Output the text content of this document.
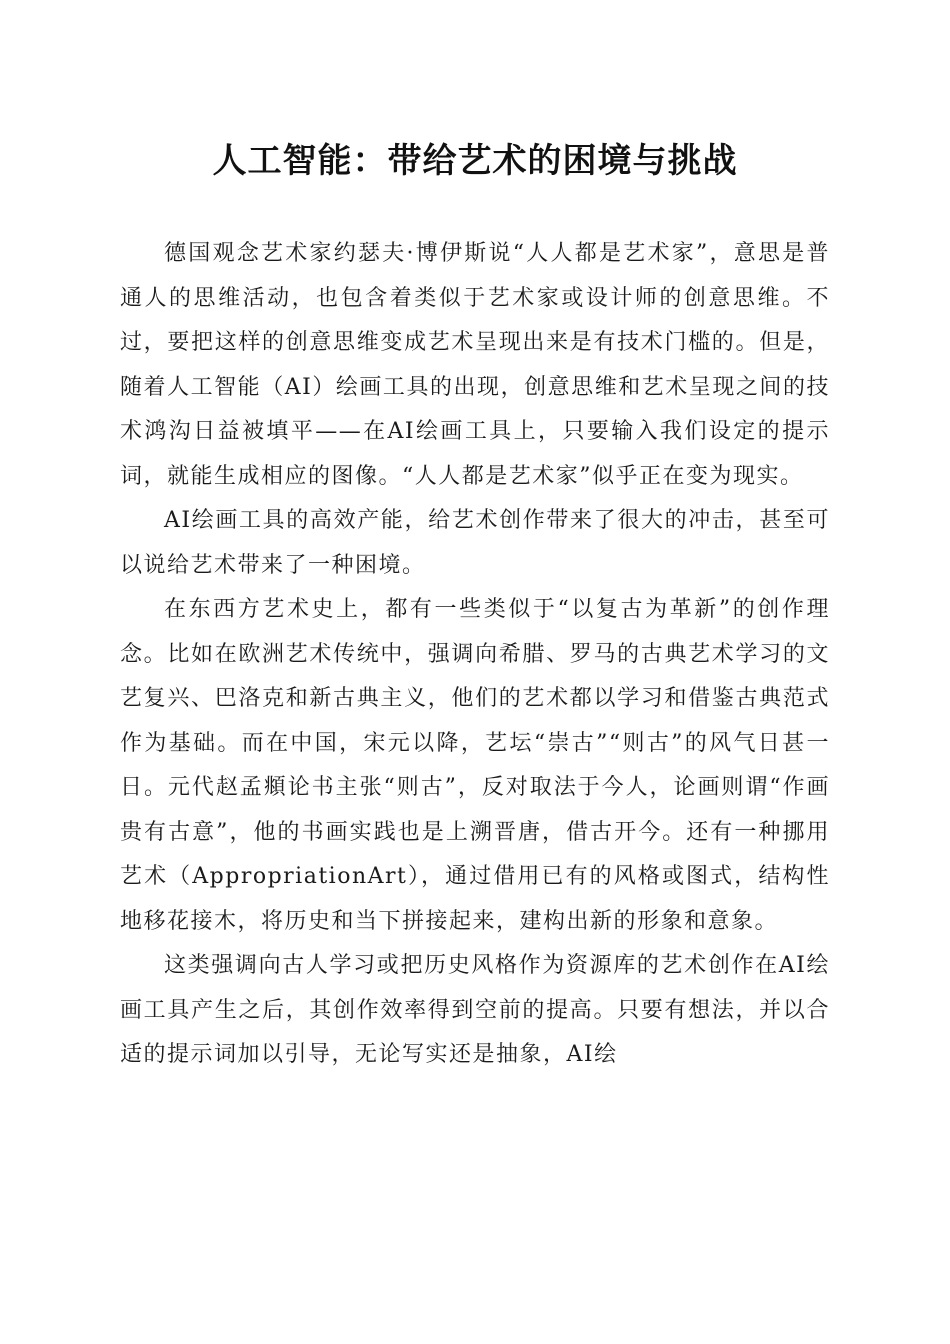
人工智能：带给艺术的困境与挑战

德国观念艺术家约瑟夫·博伊斯说“人人都是艺术家”，意思是普通人的思维活动，也包含着类似于艺术家或设计师的创意思维。不过，要把这样的创意思维变成艺术呈现出来是有技术门槛的。但是，随着人工智能（AI）绘画工具的出现，创意思维和艺术呈现之间的技术鸿沟日益被填平——在AI绘画工具上，只要输入我们设定的提示词，就能生成相应的图像。“人人都是艺术家”似乎正在变为现实。

AI绘画工具的高效产能，给艺术创作带来了很大的冲击，甚至可以说给艺术带来了一种困境。

在东西方艺术史上，都有一些类似于“以复古为革新”的创作理念。比如在欧洲艺术传统中，强调向希腊、罗马的古典艺术学习的文艺复兴、巴洛克和新古典主义，他们的艺术都以学习和借鉴古典范式作为基础。而在中国，宋元以降，艺坛“崇古”“则古”的风气日甚一日。元代赵孟頫论书主张“则古”，反对取法于今人，论画则谓“作画贵有古意”，他的书画实践也是上溯晋唐，借古开今。还有一种挪用艺术（AppropriationArt），通过借用已有的风格或图式，结构性地移花接木，将历史和当下拼接起来，建构出新的形象和意象。

这类强调向古人学习或把历史风格作为资源库的艺术创作在AI绘画工具产生之后，其创作效率得到空前的提高。只要有想法，并以合适的提示词加以引导，无论写实还是抽象，AI绘
